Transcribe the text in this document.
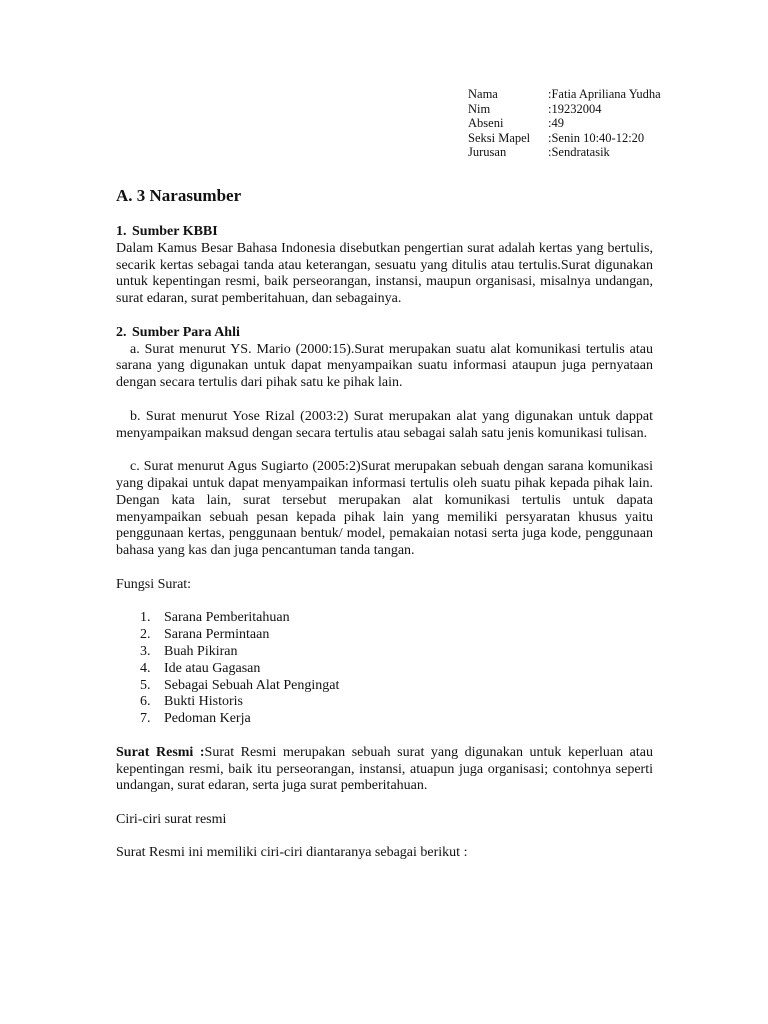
Nama	:Fatia Apriliana Yudha
Nim	:19232004
Abseni	:49
Seksi Mapel	:Senin 10:40-12:20
Jurusan	:Sendratasik
A. 3 Narasumber

1. Sumber KBBI

Dalam Kamus Besar Bahasa Indonesia disebutkan pengertian surat adalah kertas yang bertulis, secarik kertas sebagai tanda atau keterangan, sesuatu yang ditulis atau tertulis.Surat digunakan untuk kepentingan resmi, baik perseorangan, instansi, maupun organisasi, misalnya undangan, surat edaran, surat pemberitahuan, dan sebagainya.

2. Sumber Para Ahli

a. Surat menurut YS. Mario (2000:15).Surat merupakan suatu alat komunikasi tertulis atau sarana yang digunakan untuk dapat menyampaikan suatu informasi ataupun juga pernyataan dengan secara tertulis dari pihak satu ke pihak lain.

b. Surat menurut Yose Rizal (2003:2) Surat merupakan alat yang digunakan untuk dappat menyampaikan maksud dengan secara tertulis atau sebagai salah satu jenis komunikasi tulisan.

c. Surat menurut Agus Sugiarto (2005:2)Surat merupakan sebuah dengan sarana komunikasi yang dipakai untuk dapat menyampaikan informasi tertulis oleh suatu pihak kepada pihak lain. Dengan kata lain, surat tersebut merupakan alat komunikasi tertulis untuk dapata menyampaikan sebuah pesan kepada pihak lain yang memiliki persyaratan khusus yaitu penggunaan kertas, penggunaan bentuk/ model, pemakaian notasi serta juga kode, penggunaan bahasa yang kas dan juga pencantuman tanda tangan.

Fungsi Surat:

1. Sarana Pemberitahuan
2. Sarana Permintaan
3. Buah Pikiran
4. Ide atau Gagasan
5. Sebagai Sebuah Alat Pengingat
6. Bukti Historis
7. Pedoman Kerja

Surat Resmi :Surat Resmi merupakan sebuah surat yang digunakan untuk keperluan atau kepentingan resmi, baik itu perseorangan, instansi, atuapun juga organisasi; contohnya seperti undangan, surat edaran, serta juga surat pemberitahuan.

Ciri-ciri surat resmi

Surat Resmi ini memiliki ciri-ciri diantaranya sebagai berikut :
